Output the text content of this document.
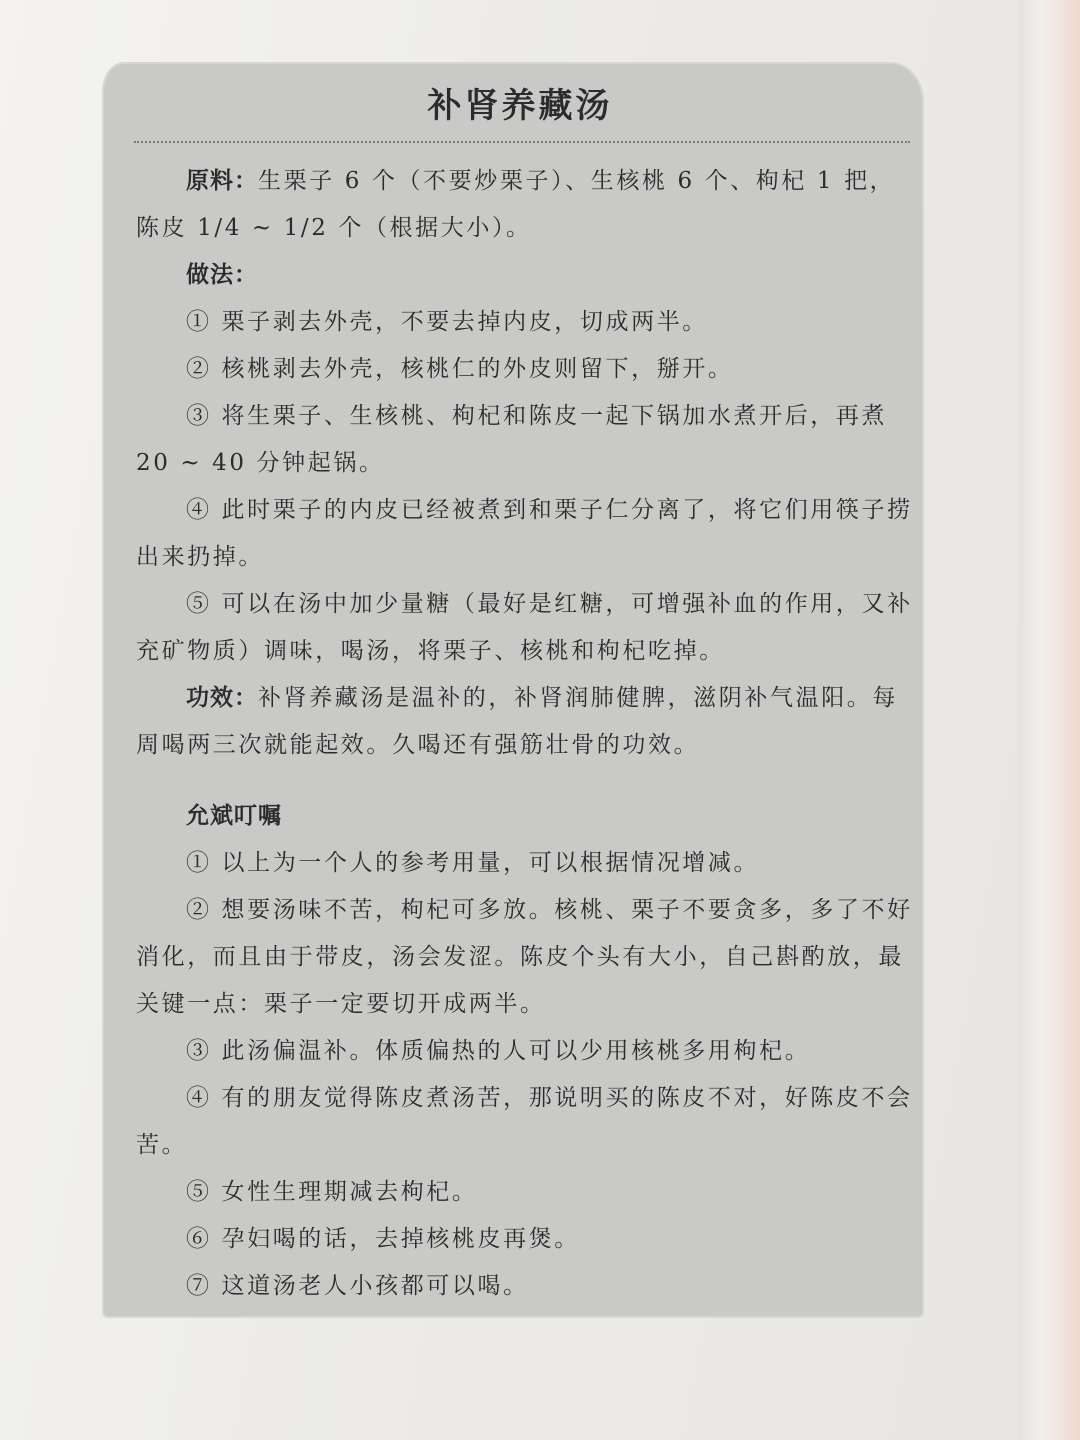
补肾养藏汤

原料：生栗子 6 个（不要炒栗子）、生核桃 6 个、枸杞 1 把，陈皮 1/4 ~ 1/2 个（根据大小）。

做法：

① 栗子剥去外壳，不要去掉内皮，切成两半。

② 核桃剥去外壳，核桃仁的外皮则留下，掰开。

③ 将生栗子、生核桃、枸杞和陈皮一起下锅加水煮开后，再煮 20 ~ 40 分钟起锅。

④ 此时栗子的内皮已经被煮到和栗子仁分离了，将它们用筷子捞出来扔掉。

⑤ 可以在汤中加少量糖（最好是红糖，可增强补血的作用，又补充矿物质）调味，喝汤，将栗子、核桃和枸杞吃掉。

功效：补肾养藏汤是温补的，补肾润肺健脾，滋阴补气温阳。每周喝两三次就能起效。久喝还有强筋壮骨的功效。

允斌叮嘱

① 以上为一个人的参考用量，可以根据情况增减。

② 想要汤味不苦，枸杞可多放。核桃、栗子不要贪多，多了不好消化，而且由于带皮，汤会发涩。陈皮个头有大小，自己斟酌放，最关键一点：栗子一定要切开成两半。

③ 此汤偏温补。体质偏热的人可以少用核桃多用枸杞。

④ 有的朋友觉得陈皮煮汤苦，那说明买的陈皮不对，好陈皮不会苦。

⑤ 女性生理期减去枸杞。

⑥ 孕妇喝的话，去掉核桃皮再煲。

⑦ 这道汤老人小孩都可以喝。
